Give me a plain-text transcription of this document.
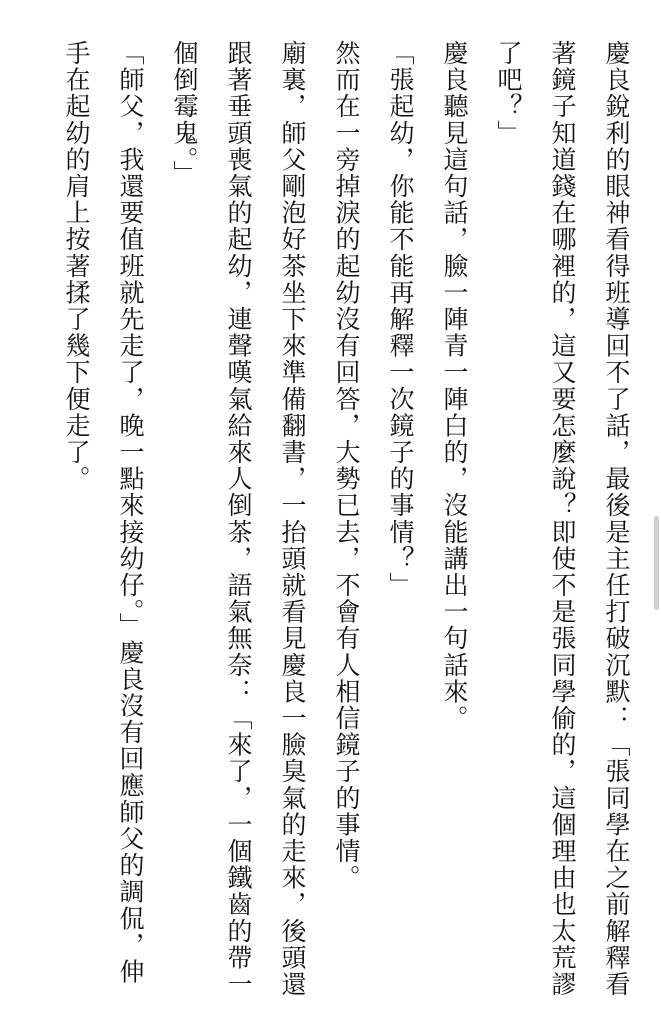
慶良銳利的眼神看得班導回不了話，最後是主任打破沉默：「張同學在之前解釋看著鏡子知道錢在哪裡的，這又要怎麼說？即使不是張同學偷的，這個理由也太荒謬了吧？」

慶良聽見這句話，臉一陣青一陣白的，沒能講出一句話來。

「張起幼，你能不能再解釋一次鏡子的事情？」

然而在一旁掉淚的起幼沒有回答，大勢已去，不會有人相信鏡子的事情。

廟裏，師父剛泡好茶坐下來準備翻書，一抬頭就看見慶良一臉臭氣的走來，後頭還跟著垂頭喪氣的起幼，連聲嘆氣給來人倒茶，語氣無奈：「來了，一個鐵齒的帶一個倒霉鬼。」

「師父，我還要值班就先走了，晚一點來接幼仔。」慶良沒有回應師父的調侃，伸手在起幼的肩上按著揉了幾下便走了。
